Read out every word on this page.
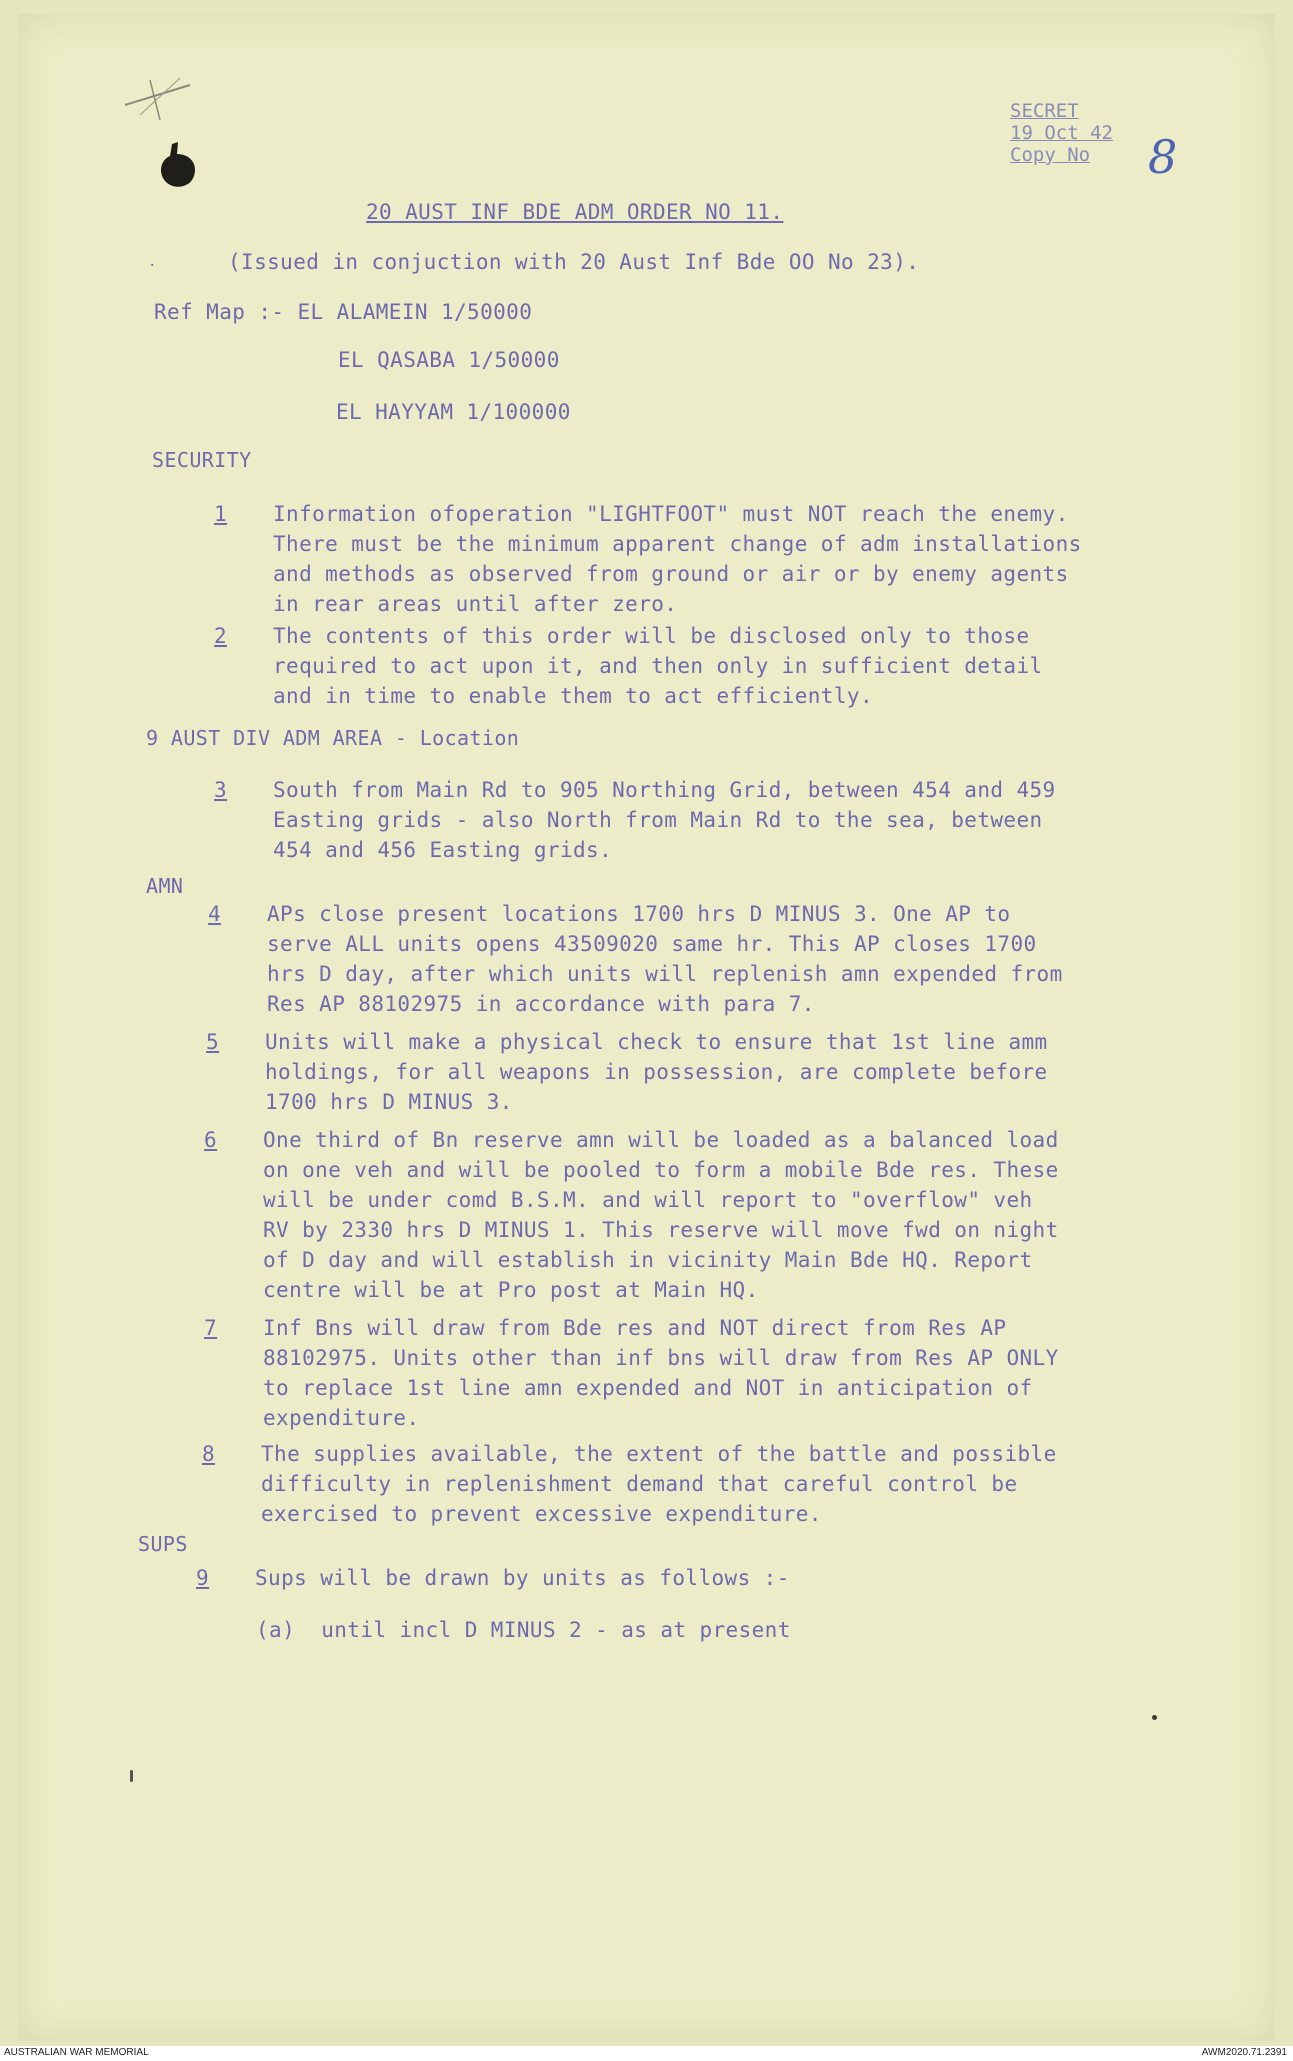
SECRET
19 Oct 42
Copy No	8
20 AUST INF BDE ADM ORDER NO 11.

.

	(Issued in conjuction with 20 Aust Inf Bde OO No 23).

Ref Map :- EL ALAMEIN 1/50000
EL QASABA 1/50000
EL HAYYAM 1/100000
SECURITY

1

Information ofoperation "LIGHTFOOT" must NOT reach the enemy.

There must be the minimum apparent change of adm installations

and methods as observed from ground or air or by enemy agents

in rear areas until after zero.

2

The contents of this order will be disclosed only to those

required to act upon it, and then only in sufficient detail

and in time to enable them to act efficiently.

9 AUST DIV ADM AREA - Location

3

South from Main Rd to 905 Northing Grid, between 454 and 459

Easting grids - also North from Main Rd to the sea, between

454 and 456 Easting grids.

AMN

4

APs close present locations 1700 hrs D MINUS 3. One AP to

serve ALL units opens 43509020 same hr. This AP closes 1700

hrs D day, after which units will replenish amn expended from

Res AP 88102975 in accordance with para 7.

5

Units will make a physical check to ensure that 1st line amm

holdings, for all weapons in possession, are complete before

1700 hrs D MINUS 3.

6

One third of Bn reserve amn will be loaded as a balanced load

on one veh and will be pooled to form a mobile Bde res. These

will be under comd B.S.M. and will report to "overflow" veh

RV by 2330 hrs D MINUS 1. This reserve will move fwd on night

of D day and will establish in vicinity Main Bde HQ. Report

centre will be at Pro post at Main HQ.

7

Inf Bns will draw from Bde res and NOT direct from Res AP

88102975. Units other than inf bns will draw from Res AP ONLY

to replace 1st line amn expended and NOT in anticipation of

expenditure.

8

The supplies available, the extent of the battle and possible

difficulty in replenishment demand that careful control be

exercised to prevent excessive expenditure.

SUPS

9

Sups will be drawn by units as follows :-

(a)  until incl D MINUS 2 - as at present
AUSTRALIAN WAR MEMORIAL	AWM2020.71.2391
